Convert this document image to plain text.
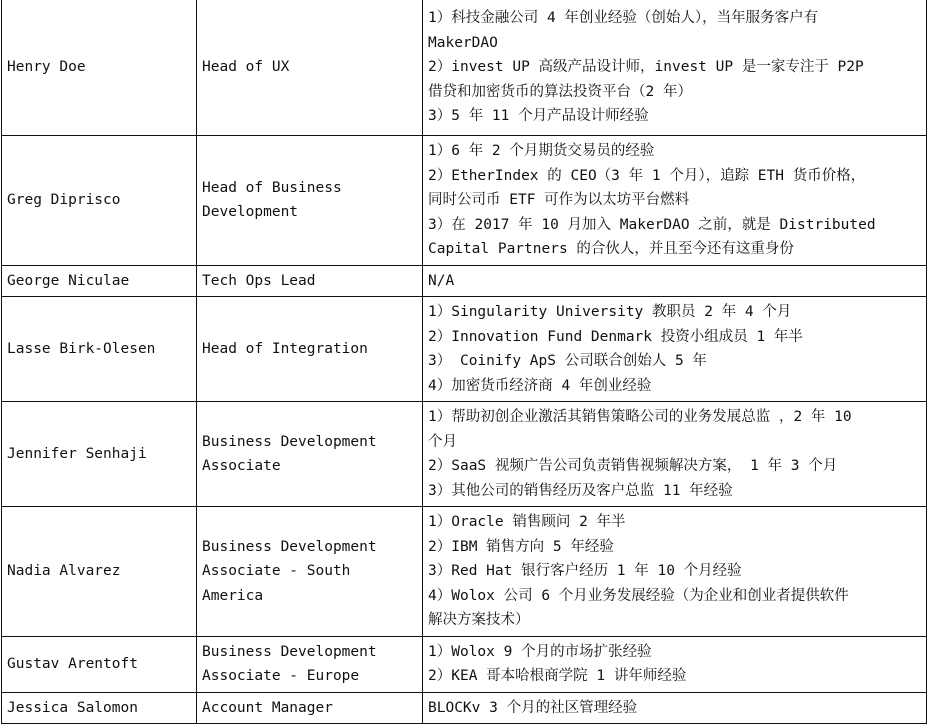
Henry Doe	Head of UX	1）科技金融公司 4 年创业经验（创始人），当年服务客户有
MakerDAO
2）invest UP 高级产品设计师，invest UP 是一家专注于 P2P
借贷和加密货币的算法投资平台（2 年）
3）5 年 11 个月产品设计师经验

Greg Diprisco	Head of Business Development	1）6 年 2 个月期货交易员的经验
2）EtherIndex 的 CEO（3 年 1 个月），追踪 ETH 货币价格，
同时公司币 ETF 可作为以太坊平台燃料
3）在 2017 年 10 月加入 MakerDAO 之前，就是 Distributed
Capital Partners 的合伙人，并且至今还有这重身份

George Niculae	Tech Ops Lead	N/A

Lasse Birk-Olesen	Head of Integration	1）Singularity University 教职员 2 年 4 个月
2）Innovation Fund Denmark 投资小组成员 1 年半
3） Coinify ApS 公司联合创始人 5 年
4）加密货币经济商 4 年创业经验

Jennifer Senhaji	Business Development Associate	1）帮助初创企业激活其销售策略公司的业务发展总监 ，2 年 10
个月
2）SaaS 视频广告公司负责销售视频解决方案， 1 年 3 个月
3）其他公司的销售经历及客户总监 11 年经验

Nadia Alvarez	Business Development Associate - South America	1）Oracle 销售顾问 2 年半
2）IBM 销售方向 5 年经验
3）Red Hat 银行客户经历 1 年 10 个月经验
4）Wolox 公司 6 个月业务发展经验（为企业和创业者提供软件
解决方案技术）

Gustav Arentoft	Business Development Associate - Europe	1）Wolox 9 个月的市场扩张经验
2）KEA 哥本哈根商学院 1 讲年师经验

Jessica Salomon	Account Manager	BLOCKv 3 个月的社区管理经验
